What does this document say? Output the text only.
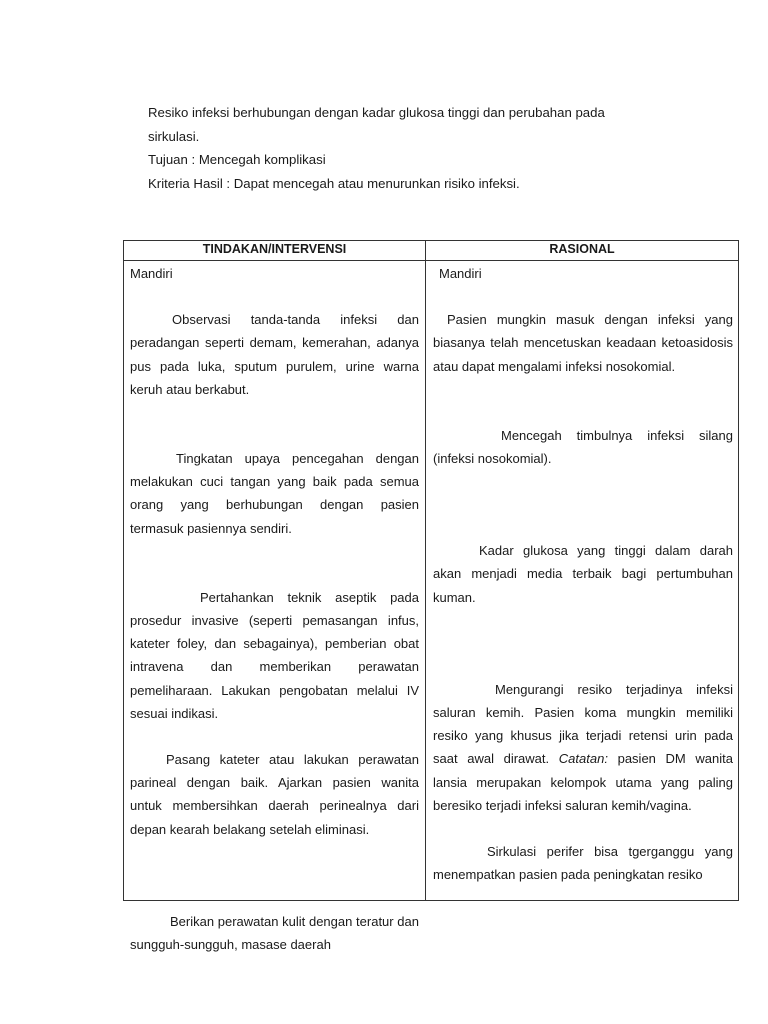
Resiko infeksi berhubungan dengan kadar glukosa tinggi dan perubahan pada sirkulasi.

Tujuan : Mencegah komplikasi

Kriteria Hasil : Dapat mencegah atau menurunkan risiko infeksi.

TINDAKAN/INTERVENSI	RASIONAL
Mandiri

Observasi tanda-tanda infeksi dan peradangan seperti demam, kemerahan, adanya pus pada luka, sputum purulem, urine warna keruh atau berkabut.

Tingkatan upaya pencegahan dengan melakukan cuci tangan yang baik pada semua orang yang berhubungan dengan pasien termasuk pasiennya sendiri.

Pertahankan teknik aseptik pada prosedur invasive (seperti pemasangan infus, kateter foley, dan sebagainya), pemberian obat intravena dan memberikan perawatan pemeliharaan. Lakukan pengobatan melalui IV sesuai indikasi.

Pasang kateter atau lakukan perawatan parineal dengan baik. Ajarkan pasien wanita untuk membersihkan daerah perinealnya dari depan kearah belakang setelah eliminasi.

Berikan perawatan kulit dengan teratur dan sungguh-sungguh, masase daerah

Mandiri

Pasien mungkin masuk dengan infeksi yang biasanya telah mencetuskan keadaan ketoasidosis atau dapat mengalami infeksi nosokomial.

Mencegah timbulnya infeksi silang (infeksi nosokomial).

Kadar glukosa yang tinggi dalam darah akan menjadi media terbaik bagi pertumbuhan kuman.

Mengurangi resiko terjadinya infeksi saluran kemih. Pasien koma mungkin memiliki resiko yang khusus jika terjadi retensi urin pada saat awal dirawat. Catatan: pasien DM wanita lansia merupakan kelompok utama yang paling beresiko terjadi infeksi saluran kemih/vagina.

Sirkulasi perifer bisa tgerganggu yang menempatkan pasien pada peningkatan resiko
